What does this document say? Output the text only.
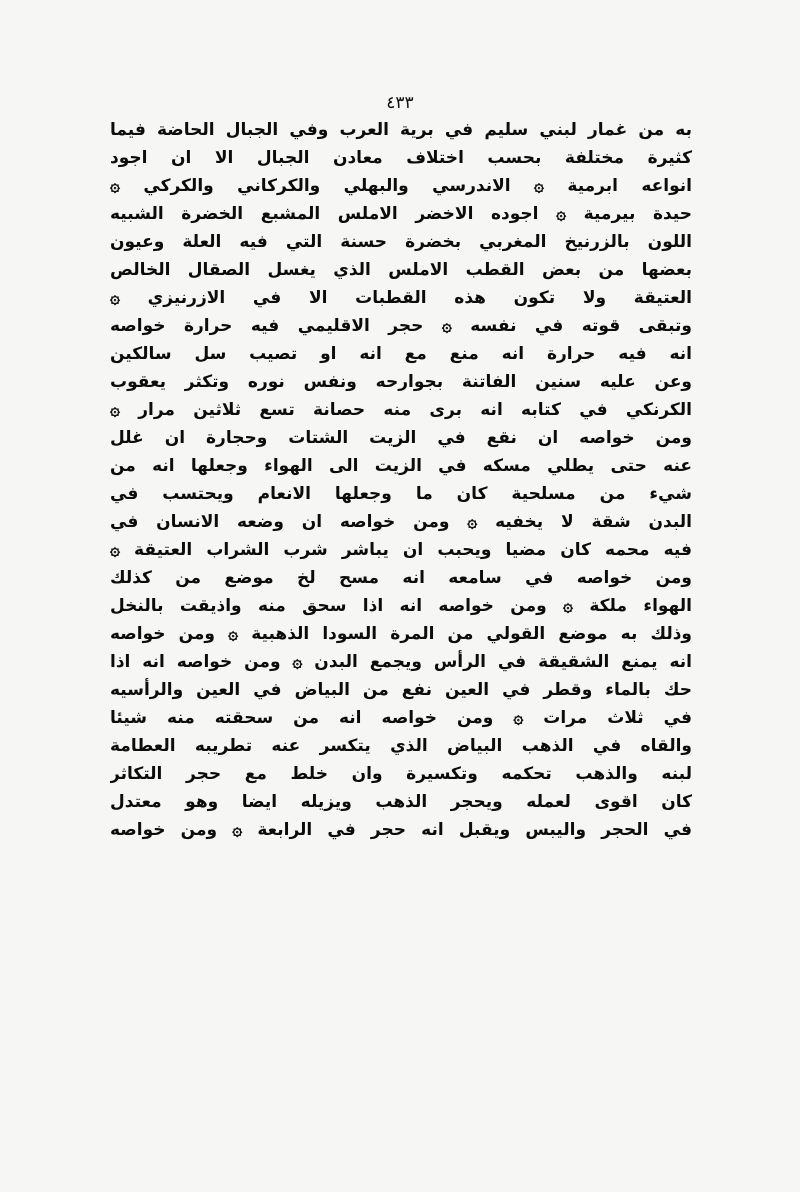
٤٣٣
به من غمار لبني سليم في برية العرب وفي الجبال الحاضة فيما
كثيرة مختلفة بحسب اختلاف معادن الجبال الا ان اجود
انواعه ابرمية ۞ الاندرسي والبهلي والكركاني والكركي ۞
حيدة بيرمية ۞ اجوده الاخضر الاملس المشبع الخضرة الشبيه
اللون بالزرنيخ المغربي بخضرة حسنة التي فيه العلة وعيون
بعضها من بعض القطب الاملس الذي يغسل الصقال الخالص
العتيقة ولا تكون هذه القطبات الا في الازرنيزي ۞
وتبقى قوته في نفسه ۞ حجر الاقليمي فيه حرارة خواصه
انه فيه حرارة انه منع مع انه او تصيب سل سالكين
وعن عليه سنين الفاتنة بجوارحه ونفس نوره وتكثر يعقوب
الكرنكي في كتابه انه برى منه حصانة تسع ثلاثين مرار ۞
ومن خواصه ان نقع في الزيت الشتات وحجارة ان غلل
عنه حتى يطلي مسكه في الزيت الى الهواء وجعلها انه من
شيء من مسلحية كان ما وجعلها الانعام ويحتسب في
البدن شقة لا يخفيه ۞ ومن خواصه ان وضعه الانسان في
فيه محمه كان مضيا ويحبب ان يباشر شرب الشراب العتيقة ۞
ومن خواصه في سامعه انه مسح لخ موضع من كذلك
الهواء ملكة ۞ ومن خواصه انه اذا سحق منه واذيقت بالنخل
وذلك به موضع القولي من المرة السودا الذهبية ۞ ومن خواصه
انه يمنع الشقيقة في الرأس ويجمع البدن ۞ ومن خواصه انه اذا
حك بالماء وقطر في العين نفع من البياض في العين والرأسيه
في ثلاث مرات ۞ ومن خواصه انه من سحقته منه شيئا
والقاه في الذهب البياض الذي يتكسر عنه تطريبه العطامة
لبنه والذهب تحكمه وتكسيرة وان خلط مع حجر التكاثر
كان اقوى لعمله ويحجر الذهب ويزيله ايضا وهو معتدل
في الحجر واليبس ويقبل انه حجر في الرابعة ۞ ومن خواصه
